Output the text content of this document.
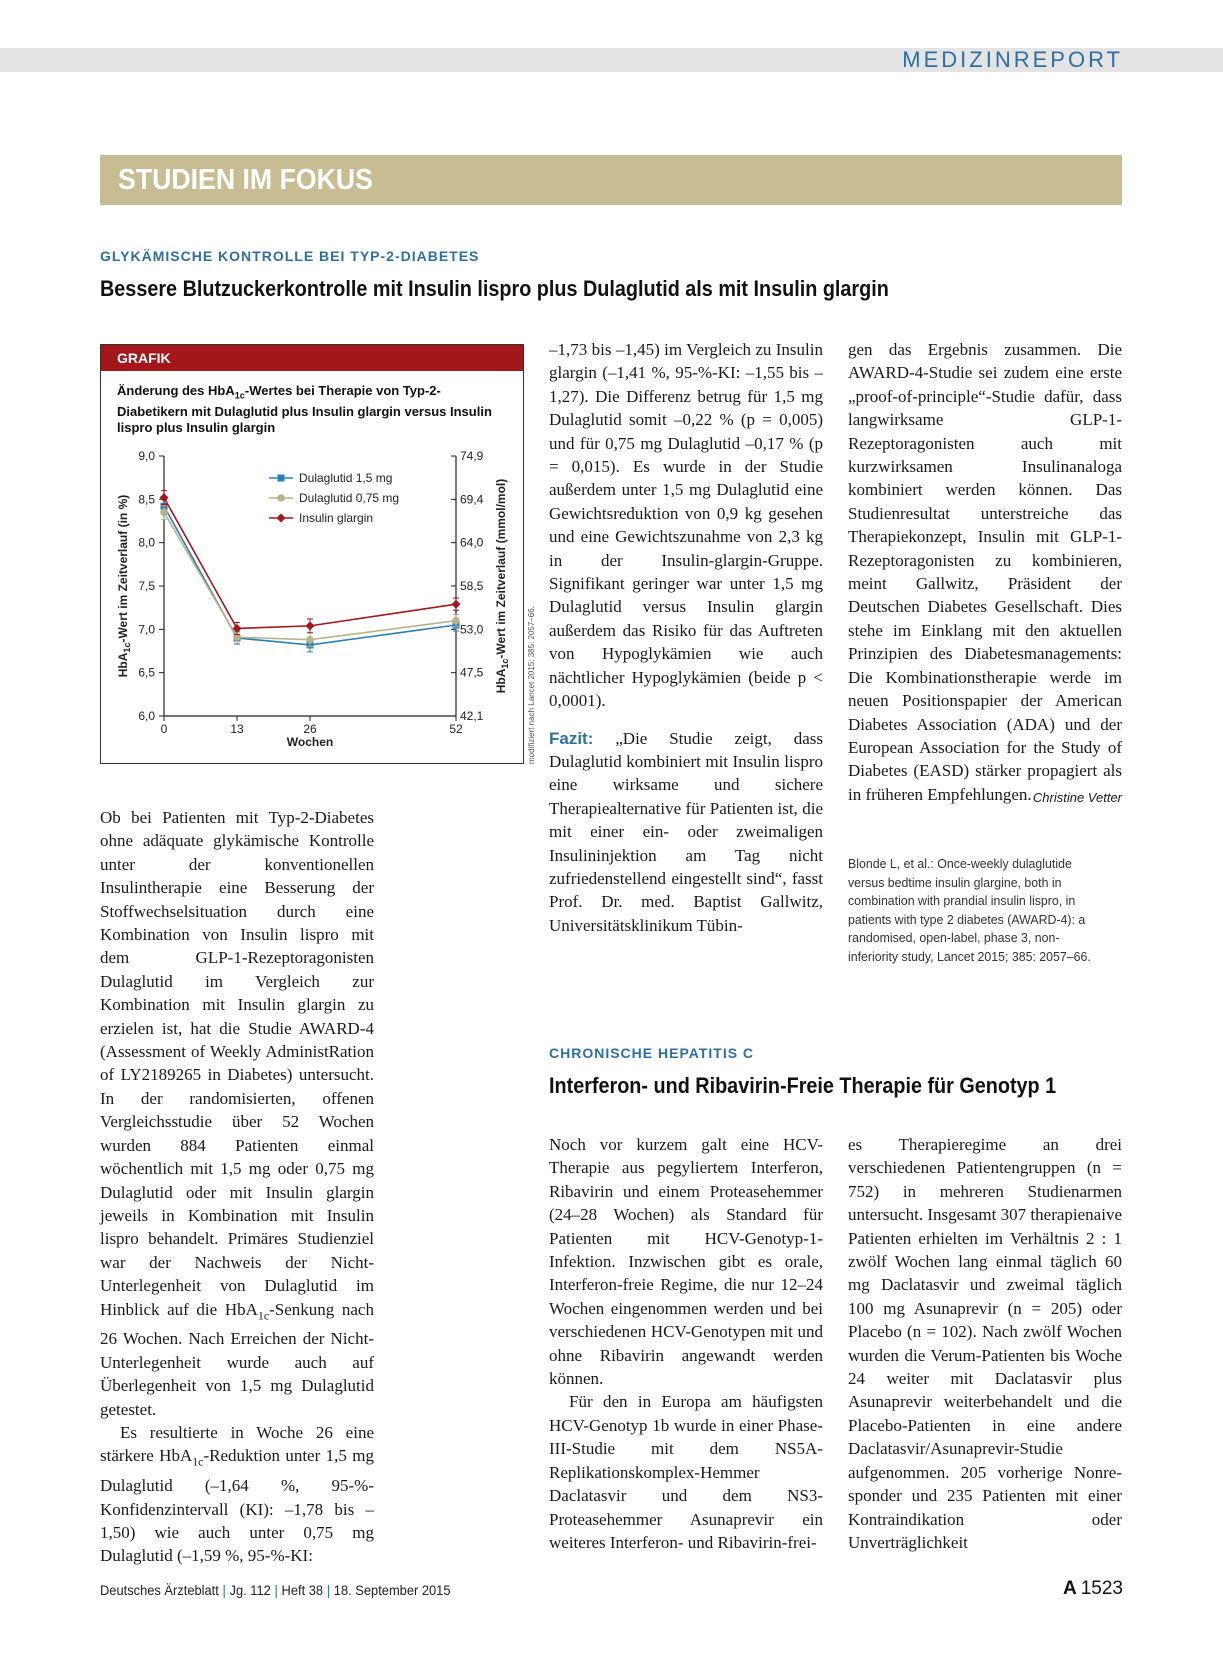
MEDIZINREPORT
STUDIEN IM FOKUS
GLYKÄMISCHE KONTROLLE BEI TYP-2-DIABETES
Bessere Blutzuckerkontrolle mit Insulin lispro plus Dulaglutid als mit Insulin glargin
GRAFIK
Änderung des HbA$_{1c}$-Wertes bei Therapie von Typ-2-Diabetikern mit Dulaglutid plus Insulin glargin versus Insulin lispro plus Insulin glargin
6,0
6,5
7,0
7,5
8,0
8,5
9,0
42,1
47,5
53,0
58,5
64,0
69,4
74,9
0	13	26	52
Dulaglutid 1,5 mg
Dulaglutid 0,75 mg
Insulin glargin
Wochen
HbA$_{1c}$-Wert im Zeitverlauf (in %)
HbA$_{1c}$-Wert im Zeitverlauf (mmol/mol)
modifiziert nach Lancet 2015; 385: 2057–66.

Ob bei Patienten mit Typ-2-Diabetes ohne adäquate glykämische Kontrolle unter der konventionellen Insulintherapie eine Besserung der Stoffwechselsituation durch eine Kombination von Insulin lispro mit dem GLP-1-Rezeptoragonisten Dulaglutid im Vergleich zur Kombination mit Insulin glargin zu erzielen ist, hat die Studie AWARD-4 (Assessment of Weekly AdministRation of LY2189265 in Diabetes) untersucht. In der randomisierten, offenen Vergleichsstudie über 52 Wochen wurden 884 Patienten einmal wöchentlich mit 1,5 mg oder 0,75 mg Dulaglutid oder mit Insulin glargin jeweils in Kombination mit Insulin lispro behandelt. Primäres Studienziel war der Nachweis der Nicht-Unterlegenheit von Dulaglutid im Hinblick auf die HbA$_{1c}$-Senkung nach 26 Wochen. Nach Erreichen der Nicht-Unterlegenheit wurde auch auf Überlegenheit von 1,5 mg Dulaglutid getestet.

Es resultierte in Woche 26 eine stärkere HbA$_{1c}$-Reduktion unter 1,5 mg Dulaglutid (–1,64 %, 95-%-Konfidenzintervall (KI): –1,78 bis –1,50) wie auch unter 0,75 mg Dulaglutid (–1,59 %, 95-%-KI:

–1,73 bis –1,45) im Vergleich zu Insulin glargin (–1,41 %, 95-%-KI: –1,55 bis –1,27). Die Differenz betrug für 1,5 mg Dulaglutid somit –0,22 % (p = 0,005) und für 0,75 mg Dulaglutid –0,17 % (p = 0,015). Es wurde in der Studie außerdem unter 1,5 mg Dulaglutid eine Gewichtsreduktion von 0,9 kg gesehen und eine Gewichtszunahme von 2,3 kg in der Insulin-glargin-Gruppe. Signifikant geringer war unter 1,5 mg Dulaglutid versus Insulin glargin außerdem das Risiko für das Auftreten von Hypoglykämien wie auch nächtlicher Hypoglykämien (beide p < 0,0001).

Fazit: „Die Studie zeigt, dass Dulaglutid kombiniert mit Insulin lispro eine wirksame und sichere Therapiealternative für Patienten ist, die mit einer ein- oder zweimaligen Insulininjektion am Tag nicht zufriedenstellend eingestellt sind“, fasst Prof. Dr. med. Baptist Gallwitz, Universitätsklinikum Tübin-

gen das Ergebnis zusammen. Die AWARD-4-Studie sei zudem eine erste „proof-of-principle“-Studie dafür, dass langwirksame GLP-1-Rezeptoragonisten auch mit kurzwirksamen Insulinanaloga kombiniert werden können. Das Studienresultat unterstreiche das Therapiekonzept, Insulin mit GLP-1-Rezeptoragonisten zu kombinieren, meint Gallwitz, Präsident der Deutschen Diabetes Gesellschaft. Dies stehe im Einklang mit den aktuellen Prinzipien des Diabetesmanagements: Die Kombinationstherapie werde im neuen Positionspapier der American Diabetes Association (ADA) und der European Association for the Study of Diabetes (EASD) stärker propagiert als in früheren Empfehlungen. Christine Vetter

Blonde L, et al.: Once-weekly dulaglutide versus bedtime insulin glargine, both in combination with prandial insulin lispro, in patients with type 2 diabetes (AWARD-4): a randomised, open-label, phase 3, non-inferiority study, Lancet 2015; 385: 2057–66.
CHRONISCHE HEPATITIS C
Interferon- und Ribavirin-Freie Therapie für Genotyp 1

Noch vor kurzem galt eine HCV-Therapie aus pegyliertem Interferon, Ribavirin und einem Proteasehemmer (24–28 Wochen) als Standard für Patienten mit HCV-Genotyp-1-Infektion. Inzwischen gibt es orale, Interferon-freie Regime, die nur 12–24 Wochen eingenommen werden und bei verschiedenen HCV-Genotypen mit und ohne Ribavirin angewandt werden können.

Für den in Europa am häufigsten HCV-Genotyp 1b wurde in einer Phase-III-Studie mit dem NS5A-Replikationskomplex-Hemmer Daclatasvir und dem NS3-Proteasehemmer Asunaprevir ein weiteres Interferon- und Ribavirin-frei-

es Therapieregime an drei verschiedenen Patientengruppen (n = 752) in mehreren Studienarmen untersucht. Insgesamt 307 therapienaive Patienten erhielten im Verhältnis 2 : 1 zwölf Wochen lang einmal täglich 60 mg Daclatasvir und zweimal täglich 100 mg Asunaprevir (n = 205) oder Placebo (n = 102). Nach zwölf Wochen wurden die Verum-Patienten bis Woche 24 weiter mit Daclatasvir plus Asunaprevir weiterbehandelt und die Placebo-Patienten in eine andere Daclatasvir/Asunaprevir-Studie aufgenommen. 205 vorherige Nonre-sponder und 235 Patienten mit einer Kontraindikation oder Unverträglichkeit

Deutsches Ärzteblatt | Jg. 112 | Heft 38 | 18. September 2015	A 1523
